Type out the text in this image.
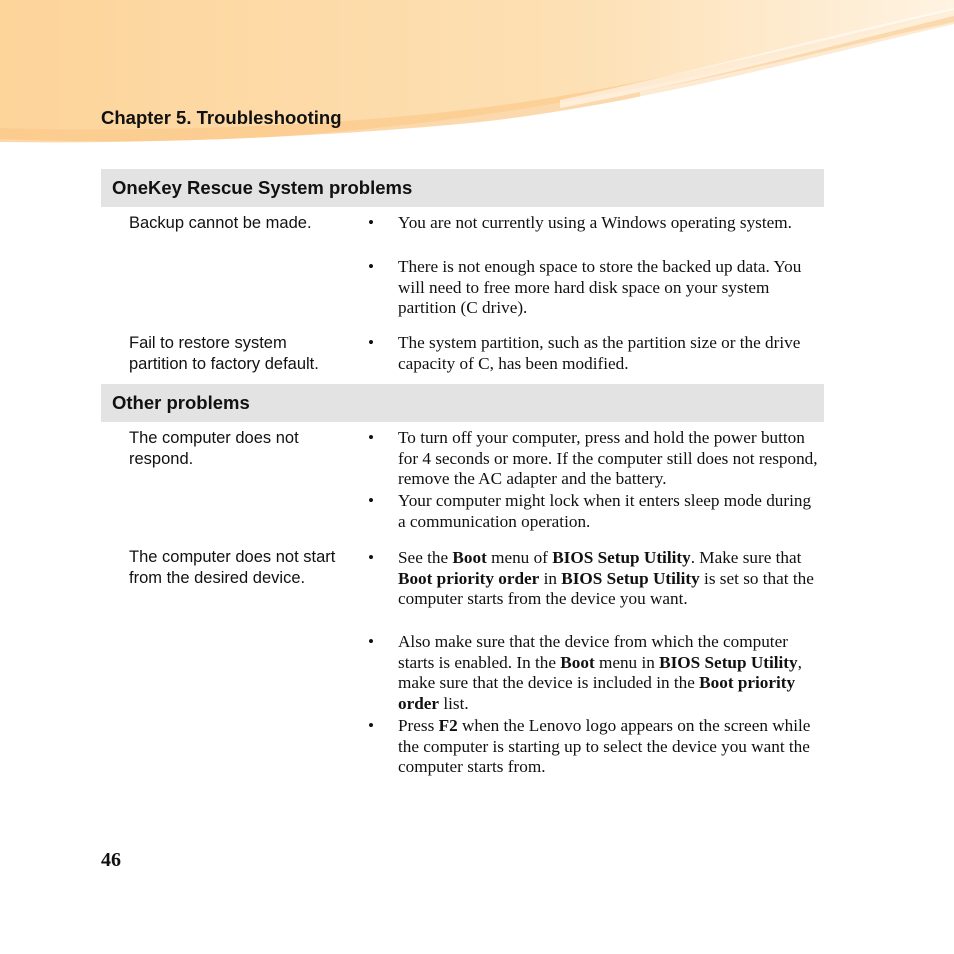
Chapter 5. Troubleshooting
OneKey Rescue System problems
Backup cannot be made.	• You are not currently using a Windows operating system.
• There is not enough space to store the backed up data. You will need to free more hard disk space on your system partition (C drive).
Fail to restore system partition to factory default.
• The system partition, such as the partition size or the drive capacity of C, has been modified.
Other problems
The computer does not respond.
• To turn off your computer, press and hold the power button for 4 seconds or more. If the computer still does not respond, remove the AC adapter and the battery.
• Your computer might lock when it enters sleep mode during a communication operation.
The computer does not start from the desired device.
• See the Boot menu of BIOS Setup Utility. Make sure that Boot priority order in BIOS Setup Utility is set so that the computer starts from the device you want.
• Also make sure that the device from which the computer starts is enabled. In the Boot menu in BIOS Setup Utility, make sure that the device is included in the Boot priority order list.
• Press F2 when the Lenovo logo appears on the screen while the computer is starting up to select the device you want the computer starts from.
46
